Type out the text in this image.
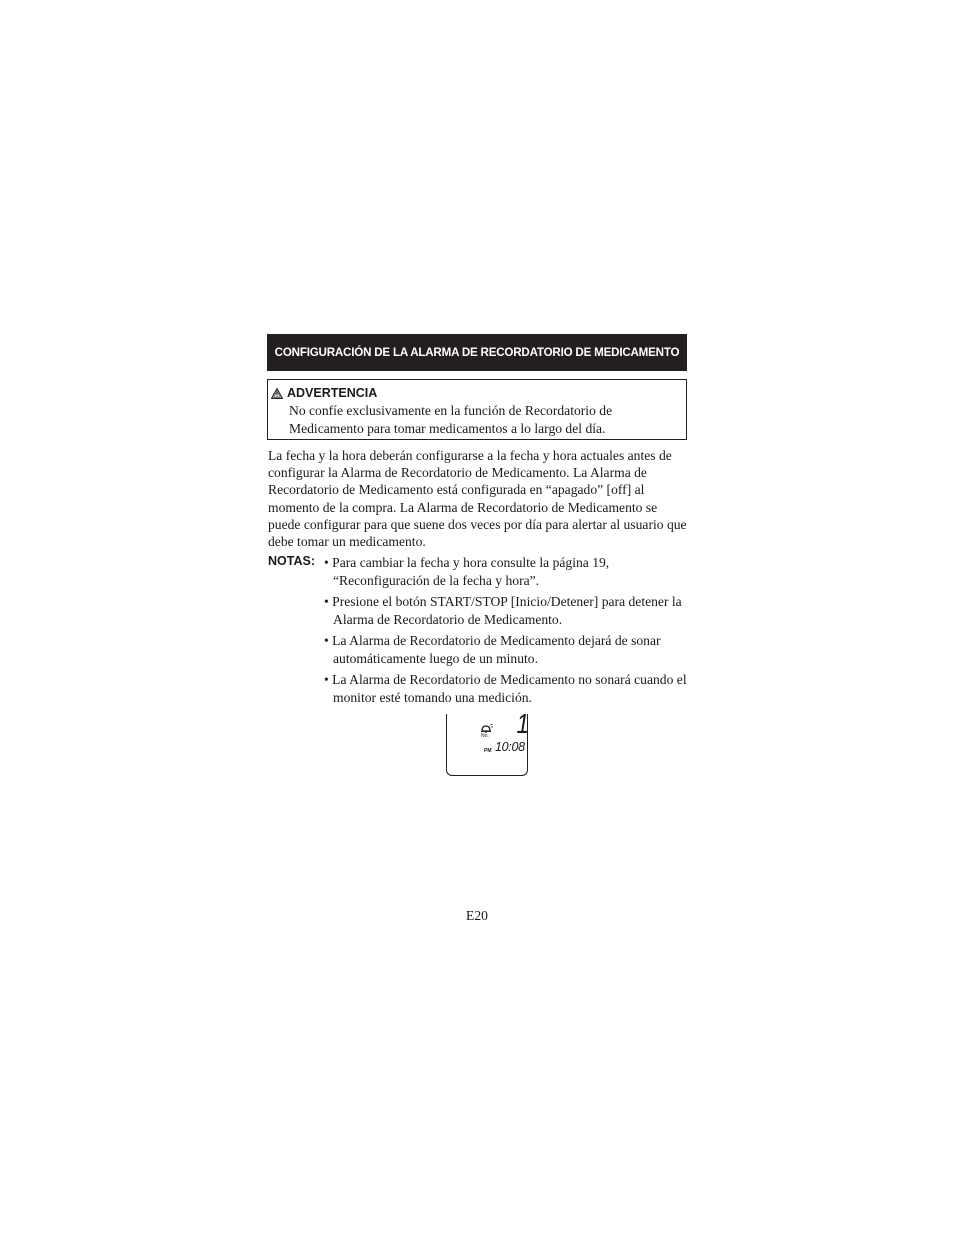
CONFIGURACIÓN DE LA ALARMA DE RECORDATORIO DE MEDICAMENTO
ADVERTENCIA
No confíe exclusivamente en la función de Recordatorio de Medicamento para tomar medicamentos a lo largo del día.
La fecha y la hora deberán configurarse a la fecha y hora actuales antes de configurar la Alarma de Recordatorio de Medicamento. La Alarma de Recordatorio de Medicamento está configurada en “apagado” [off] al momento de la compra. La Alarma de Recordatorio de Medicamento se puede configurar para que suene dos veces por día para alertar al usuario que debe tomar un medicamento.
NOTAS: • Para cambiar la fecha y hora consulte la página 19, “Reconfiguración de la fecha y hora”.
• Presione el botón START/STOP [Inicio/Detener] para detener la Alarma de Recordatorio de Medicamento.
• La Alarma de Recordatorio de Medicamento dejará de sonar automáticamente luego de un minuto.
• La Alarma de Recordatorio de Medicamento no sonará cuando el monitor esté tomando una medición.
No. 1
PM 10:08
E20
